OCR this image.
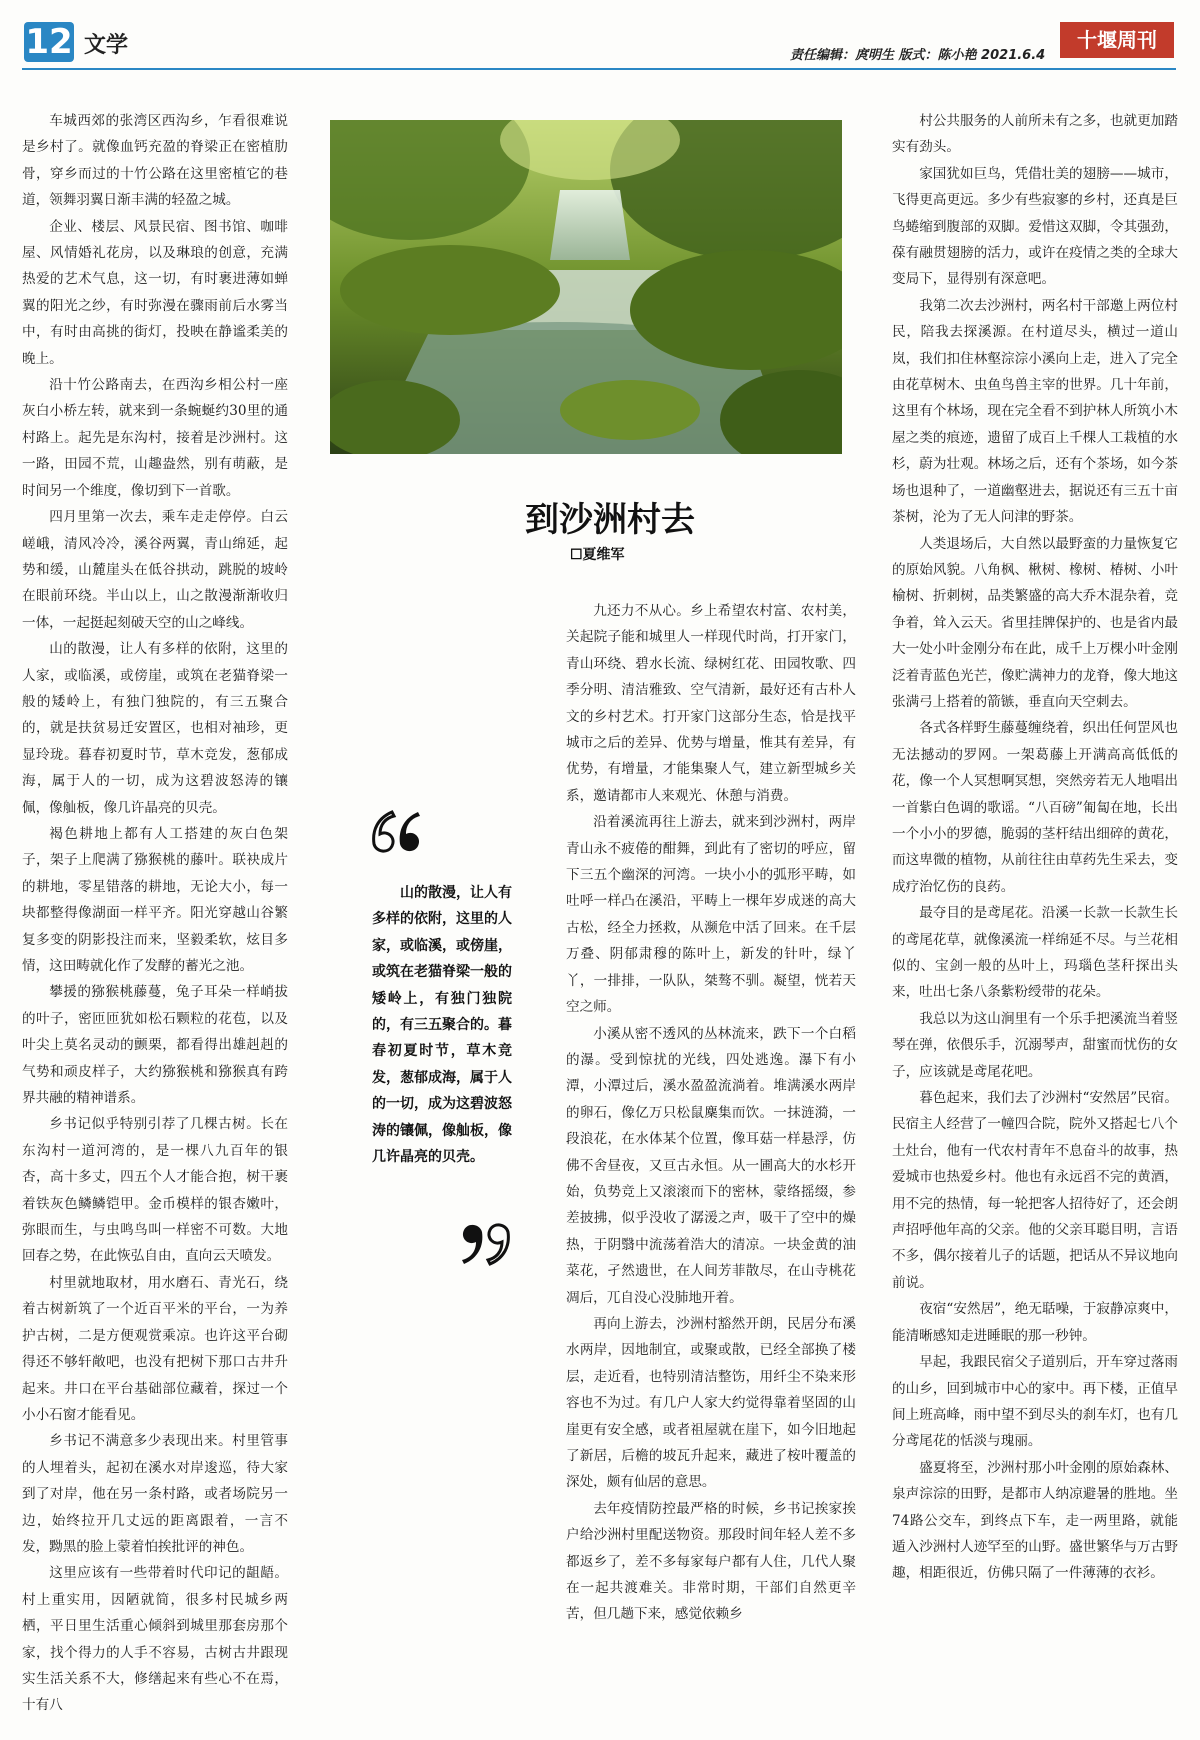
12 文学	责任编辑：庹明生 版式：陈小艳 2021.6.4
十堰周刊

车城西郊的张湾区西沟乡，乍看很难说是乡村了。就像血钙充盈的脊梁正在密植肋骨，穿乡而过的十竹公路在这里密植它的巷道，领舞羽翼日渐丰满的轻盈之城。

企业、楼层、风景民宿、图书馆、咖啡屋、风情婚礼花房，以及琳琅的创意，充满热爱的艺术气息，这一切，有时裹进薄如蝉翼的阳光之纱，有时弥漫在骤雨前后水雾当中，有时由高挑的街灯，投映在静谧柔美的晚上。

沿十竹公路南去，在西沟乡相公村一座灰白小桥左转，就来到一条蜿蜒约30里的通村路上。起先是东沟村，接着是沙洲村。这一路，田园不荒，山趣盎然，别有萌蔽，是时间另一个维度，像切到下一首歌。

四月里第一次去，乘车走走停停。白云嵯峨，清风冷冷，溪谷两翼，青山绵延，起势和缓，山麓崖头在低谷拱动，跳脱的坡岭在眼前环绕。半山以上，山之散漫渐渐收归一体，一起挺起刻破天空的山之峰线。

山的散漫，让人有多样的依附，这里的人家，或临溪，或傍崖，或筑在老猫脊梁一般的矮岭上，有独门独院的，有三五聚合的，就是扶贫易迁安置区，也相对袖珍，更显玲珑。暮春初夏时节，草木竞发，葱郁成海，属于人的一切，成为这碧波怒涛的镶佩，像舢板，像几许晶亮的贝壳。

褐色耕地上都有人工搭建的灰白色架子，架子上爬满了猕猴桃的藤叶。联袂成片的耕地，零星错落的耕地，无论大小，每一块都整得像湖面一样平齐。阳光穿越山谷繁复多变的阴影投注而来，坚毅柔软，炫目多情，这田畴就化作了发酵的蓄光之池。

攀援的猕猴桃藤蔓，兔子耳朵一样峭拔的叶子，密匝匝犹如松石颗粒的花苞，以及叶尖上莫名灵动的颤栗，都看得出雄赳赳的气势和顽皮样子，大约猕猴桃和猕猴真有跨界共融的精神谱系。

乡书记似乎特别引荐了几棵古树。长在东沟村一道河湾的，是一棵八九百年的银杏，高十多丈，四五个人才能合抱，树干裹着铁灰色鳞鳞铠甲。金币模样的银杏嫩叶，弥眼而生，与虫鸣鸟叫一样密不可数。大地回春之势，在此恢弘自由，直向云天喷发。

村里就地取材，用水磨石、青光石，绕着古树新筑了一个近百平米的平台，一为养护古树，二是方便观赏乘凉。也许这平台砌得还不够轩敞吧，也没有把树下那口古井升起来。井口在平台基础部位藏着，探过一个小小石窗才能看见。

乡书记不满意多少表现出来。村里管事的人埋着头，起初在溪水对岸逡巡，待大家到了对岸，他在另一条村路，或者场院另一边，始终拉开几丈远的距离跟着，一言不发，黝黑的脸上蒙着怕挨批评的神色。

这里应该有一些带着时代印记的龃龉。村上重实用，因陋就简，很多村民城乡两栖，平日里生活重心倾斜到城里那套房那个家，找个得力的人手不容易，古树古井跟现实生活关系不大，修缮起来有些心不在焉，十有八

到沙洲村去
☐夏维军

山的散漫，让人有多样的依附，这里的人家，或临溪，或傍崖，或筑在老猫脊梁一般的矮岭上，有独门独院的，有三五聚合的。暮春初夏时节，草木竞发，葱郁成海，属于人的一切，成为这碧波怒涛的镶佩，像舢板，像几许晶亮的贝壳。

九还力不从心。乡上希望农村富、农村美，关起院子能和城里人一样现代时尚，打开家门，青山环绕、碧水长流、绿树红花、田园牧歌、四季分明、清洁雅致、空气清新，最好还有古朴人文的乡村艺术。打开家门这部分生态，恰是找平城市之后的差异、优势与增量，惟其有差异，有优势，有增量，才能集聚人气，建立新型城乡关系，邀请都市人来观光、休憩与消费。

沿着溪流再往上游去，就来到沙洲村，两岸青山永不疲倦的酣舞，到此有了密切的呼应，留下三五个幽深的河湾。一块小小的弧形平畴，如吐呼一样凸在溪沿，平畴上一棵年岁成迷的高大古松，经全力拯救，从濒危中活了回来。在千层万叠、阴郁肃穆的陈叶上，新发的针叶，绿丫丫，一排排，一队队，桀骜不驯。凝望，恍若天空之师。

小溪从密不透风的丛林流来，跌下一个白稻的瀑。受到惊扰的光线，四处逃逸。瀑下有小潭，小潭过后，溪水盈盈流淌着。堆满溪水两岸的卵石，像亿万只松鼠麇集而饮。一抹涟漪，一段浪花，在水体某个位置，像耳菇一样悬浮，仿佛不舍昼夜，又亘古永恒。从一圃高大的水杉开始，负势竞上又滚滚而下的密林，蒙络摇缀，参差披拂，似乎没收了潺湲之声，吸干了空中的燥热，于阴翳中流荡着浩大的清凉。一块金黄的油菜花，孑然遗世，在人间芳菲散尽，在山寺桃花凋后，兀自没心没肺地开着。

再向上游去，沙洲村豁然开朗，民居分布溪水两岸，因地制宜，或聚或散，已经全部换了楼层，走近看，也特别清洁整饬，用纤尘不染来形容也不为过。有几户人家大约觉得靠着坚固的山崖更有安全感，或者祖屋就在崖下，如今旧地起了新居，后檐的坡瓦升起来，藏进了桉叶覆盖的深处，颇有仙居的意思。

去年疫情防控最严格的时候，乡书记挨家挨户给沙洲村里配送物资。那段时间年轻人差不多都返乡了，差不多每家每户都有人住，几代人聚在一起共渡难关。非常时期，干部们自然更辛苦，但几趟下来，感觉依赖乡

村公共服务的人前所未有之多，也就更加踏实有劲头。

家国犹如巨鸟，凭借壮美的翅膀——城市，飞得更高更远。多少有些寂寥的乡村，还真是巨鸟蜷缩到腹部的双脚。爱惜这双脚，令其强劲，葆有融贯翅膀的活力，或许在疫情之类的全球大变局下，显得别有深意吧。

我第二次去沙洲村，两名村干部邀上两位村民，陪我去探溪源。在村道尽头，横过一道山岚，我们扣住林壑淙淙小溪向上走，进入了完全由花草树木、虫鱼鸟兽主宰的世界。几十年前，这里有个林场，现在完全看不到护林人所筑小木屋之类的痕迹，遗留了成百上千棵人工栽植的水杉，蔚为壮观。林场之后，还有个茶场，如今茶场也退种了，一道幽壑进去，据说还有三五十亩茶树，沦为了无人问津的野茶。

人类退场后，大自然以最野蛮的力量恢复它的原始风貌。八角枫、楸树、橡树、椿树、小叶榆树、折刺树，品类繁盛的高大乔木混杂着，竞争着，耸入云天。省里挂牌保护的、也是省内最大一处小叶金刚分布在此，成千上万棵小叶金刚泛着青蓝色光芒，像贮满神力的龙脊，像大地这张满弓上搭着的箭镞，垂直向天空刺去。

各式各样野生藤蔓缠绕着，织出任何罡风也无法撼动的罗网。一架葛藤上开满高高低低的花，像一个人冥想啊冥想，突然旁若无人地唱出一首紫白色调的歌谣。“八百磅”匍匐在地，长出一个小小的罗德，脆弱的茎杆结出细碎的黄花，而这卑微的植物，从前往往由草药先生采去，变成疗治忆伤的良药。

最夺目的是鸢尾花。沿溪一长款一长款生长的鸢尾花草，就像溪流一样绵延不尽。与兰花相似的、宝剑一般的丛叶上，玛瑙色茎秆探出头来，吐出七条八条紫粉绶带的花朵。

我总以为这山涧里有一个乐手把溪流当着竖琴在弹，依偎乐手，沉溺琴声，甜蜜而忧伤的女子，应该就是鸢尾花吧。

暮色起来，我们去了沙洲村“安然居”民宿。民宿主人经营了一幢四合院，院外又搭起七八个土灶台，他有一代农村青年不息奋斗的故事，热爱城市也热爱乡村。他也有永远舀不完的黄酒，用不完的热情，每一轮把客人招待好了，还会朗声招呼他年高的父亲。他的父亲耳聪目明，言语不多，偶尔接着儿子的话题，把话从不异议地向前说。

夜宿“安然居”，绝无聒噪，于寂静凉爽中，能清晰感知走进睡眠的那一秒钟。

早起，我跟民宿父子道别后，开车穿过落雨的山乡，回到城市中心的家中。再下楼，正值早间上班高峰，雨中望不到尽头的刹车灯，也有几分鸢尾花的恬淡与瑰丽。

盛夏将至，沙洲村那小叶金刚的原始森林、泉声淙淙的田野，是都市人纳凉避暑的胜地。坐74路公交车，到终点下车，走一两里路，就能遁入沙洲村人迹罕至的山野。盛世繁华与万古野趣，相距很近，仿佛只隔了一件薄薄的衣衫。
